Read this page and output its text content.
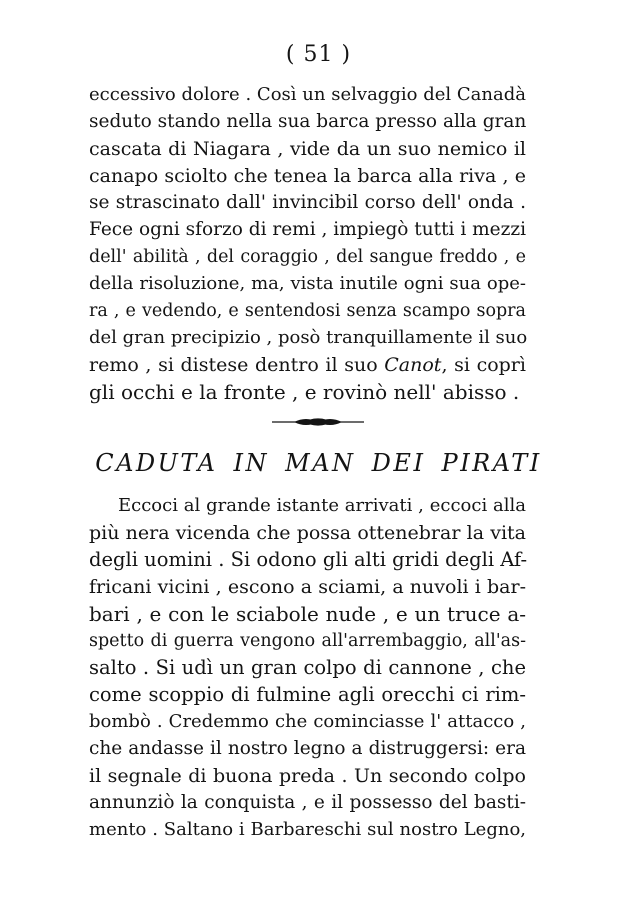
( 51 )
eccessivo dolore . Così un selvaggio del Canadà
seduto stando nella sua barca presso alla gran
cascata di Niagara , vide da un suo nemico il
canapo sciolto che tenea la barca alla riva , e
se strascinato dall' invincibil corso dell' onda .
Fece ogni sforzo di remi , impiegò tutti i mezzi
dell' abilità , del coraggio , del sangue freddo , e
della risoluzione, ma, vista inutile ogni sua ope-
ra , e vedendo, e sentendosi senza scampo sopra
del gran precipizio , posò tranquillamente il suo
remo , si distese dentro il suo Canot, si coprì
gli occhi e la fronte , e rovinò nell' abisso .
CADUTA IN MAN DEI PIRATI
Eccoci al grande istante arrivati , eccoci alla
più nera vicenda che possa ottenebrar la vita
degli uomini . Si odono gli alti gridi degli Af-
fricani vicini , escono a sciami, a nuvoli i bar-
bari , e con le sciabole nude , e un truce a-
spetto di guerra vengono all'arrembaggio, all'as-
salto . Si udì un gran colpo di cannone , che
come scoppio di fulmine agli orecchi ci rim-
bombò . Credemmo che cominciasse l' attacco ,
che andasse il nostro legno a distruggersi: era
il segnale di buona preda . Un secondo colpo
annunziò la conquista , e il possesso del basti-
mento . Saltano i Barbareschi sul nostro Legno,
